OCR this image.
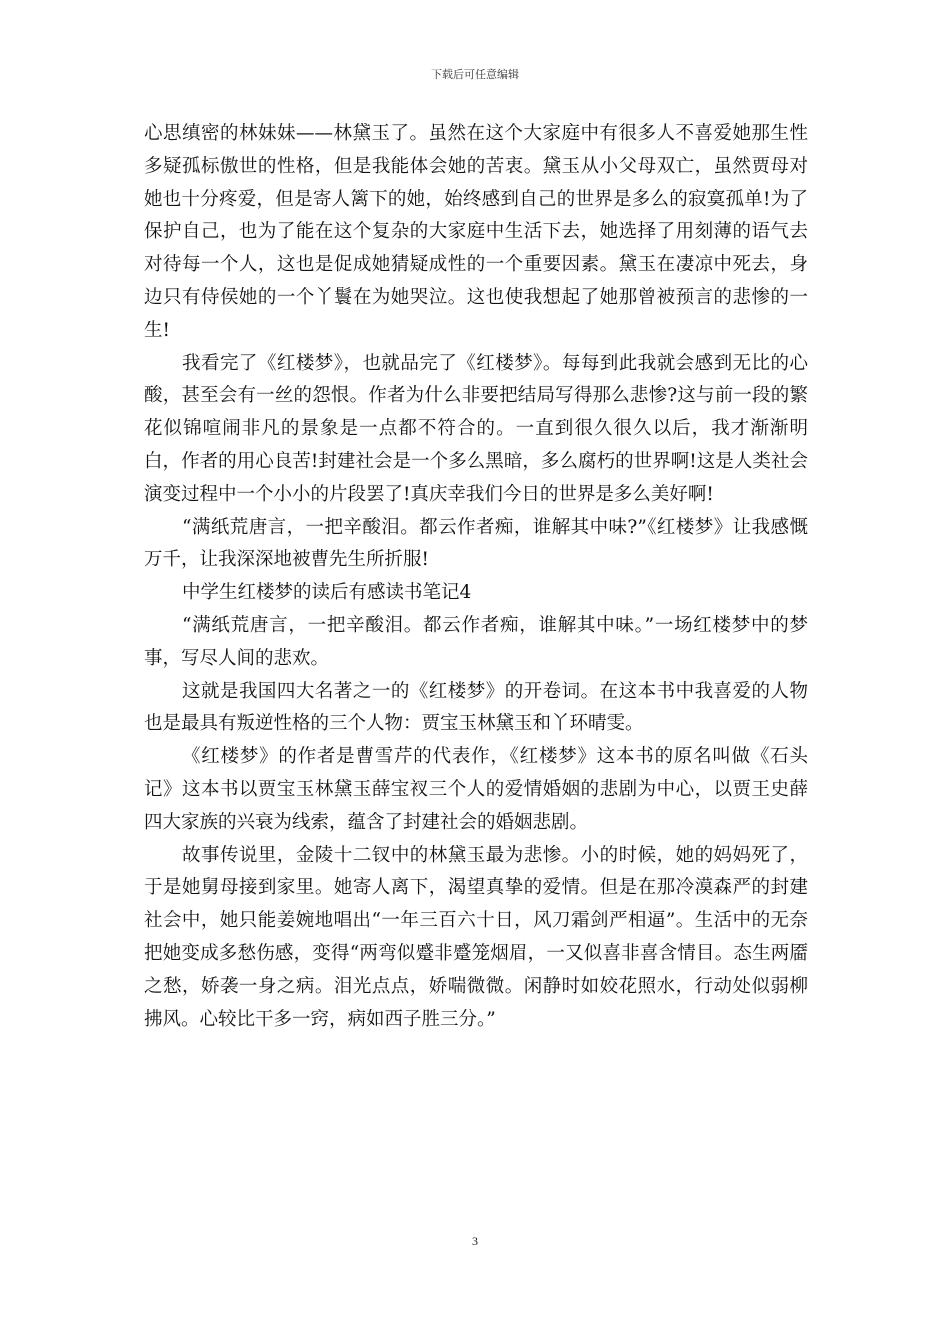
下载后可任意编辑

心思缜密的林妹妹——林黛玉了。虽然在这个大家庭中有很多人不喜爱她那生性多疑孤标傲世的性格，但是我能体会她的苦衷。黛玉从小父母双亡，虽然贾母对她也十分疼爱，但是寄人篱下的她，始终感到自己的世界是多么的寂寞孤单!为了保护自己，也为了能在这个复杂的大家庭中生活下去，她选择了用刻薄的语气去对待每一个人，这也是促成她猜疑成性的一个重要因素。黛玉在凄凉中死去，身边只有侍侯她的一个丫鬟在为她哭泣。这也使我想起了她那曾被预言的悲惨的一生!

我看完了《红楼梦》，也就品完了《红楼梦》。每每到此我就会感到无比的心酸，甚至会有一丝的怨恨。作者为什么非要把结局写得那么悲惨?这与前一段的繁花似锦喧闹非凡的景象是一点都不符合的。一直到很久很久以后，我才渐渐明白，作者的用心良苦!封建社会是一个多么黑暗，多么腐朽的世界啊!这是人类社会演变过程中一个小小的片段罢了!真庆幸我们今日的世界是多么美好啊!

“满纸荒唐言，一把辛酸泪。都云作者痴，谁解其中味?”《红楼梦》让我感慨万千，让我深深地被曹先生所折服!

中学生红楼梦的读后有感读书笔记4

“满纸荒唐言，一把辛酸泪。都云作者痴，谁解其中味。”一场红楼梦中的梦事，写尽人间的悲欢。

这就是我国四大名著之一的《红楼梦》的开卷词。在这本书中我喜爱的人物也是最具有叛逆性格的三个人物：贾宝玉林黛玉和丫环晴雯。

《红楼梦》的作者是曹雪芹的代表作，《红楼梦》这本书的原名叫做《石头记》这本书以贾宝玉林黛玉薛宝衩三个人的爱情婚姻的悲剧为中心，以贾王史薛四大家族的兴衰为线索，蕴含了封建社会的婚姻悲剧。

故事传说里，金陵十二钗中的林黛玉最为悲惨。小的时候，她的妈妈死了，于是她舅母接到家里。她寄人离下，渴望真挚的爱情。但是在那冷漠森严的封建社会中，她只能姜婉地唱出“一年三百六十日，风刀霜剑严相逼”。生活中的无奈把她变成多愁伤感，变得“两弯似蹙非蹙笼烟眉，一又似喜非喜含情目。态生两靥之愁，娇袭一身之病。泪光点点，娇喘微微。闲静时如姣花照水，行动处似弱柳拂风。心较比干多一窍，病如西子胜三分。”

3
